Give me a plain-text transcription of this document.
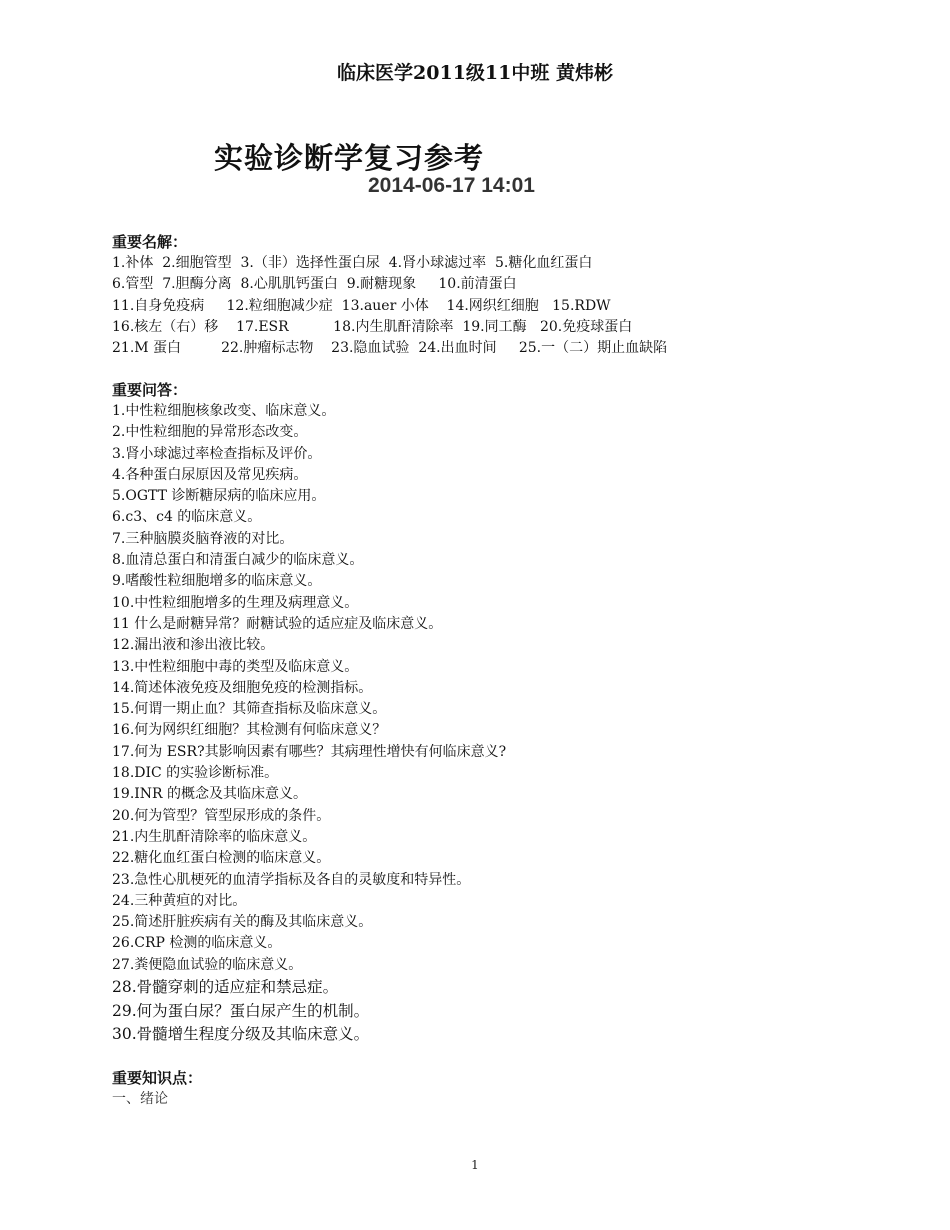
临床医学2011级11中班 黄炜彬
实验诊断学复习参考
2014-06-17 14:01
重要名解：
1.补体  2.细胞管型  3.（非）选择性蛋白尿  4.肾小球滤过率  5.糖化血红蛋白
6.管型  7.胆酶分离  8.心肌肌钙蛋白  9.耐糖现象     10.前清蛋白
11.自身免疫病     12.粒细胞减少症  13.auer 小体    14.网织红细胞   15.RDW
16.核左（右）移    17.ESR          18.内生肌酐清除率  19.同工酶   20.免疫球蛋白
21.M 蛋白         22.肿瘤标志物    23.隐血试验  24.出血时间     25.一（二）期止血缺陷
重要问答：
1.中性粒细胞核象改变、临床意义。
2.中性粒细胞的异常形态改变。
3.肾小球滤过率检查指标及评价。
4.各种蛋白尿原因及常见疾病。
5.OGTT 诊断糖尿病的临床应用。
6.c3、c4 的临床意义。
7.三种脑膜炎脑脊液的对比。
8.血清总蛋白和清蛋白减少的临床意义。
9.嗜酸性粒细胞增多的临床意义。
10.中性粒细胞增多的生理及病理意义。
11 什么是耐糖异常？耐糖试验的适应症及临床意义。
12.漏出液和渗出液比较。
13.中性粒细胞中毒的类型及临床意义。
14.简述体液免疫及细胞免疫的检测指标。
15.何谓一期止血？其筛查指标及临床意义。
16.何为网织红细胞？其检测有何临床意义？
17.何为 ESR?其影响因素有哪些？其病理性增快有何临床意义?
18.DIC 的实验诊断标准。
19.INR 的概念及其临床意义。
20.何为管型？管型尿形成的条件。
21.内生肌酐清除率的临床意义。
22.糖化血红蛋白检测的临床意义。
23.急性心肌梗死的血清学指标及各自的灵敏度和特异性。
24.三种黄疸的对比。
25.简述肝脏疾病有关的酶及其临床意义。
26.CRP 检测的临床意义。
27.粪便隐血试验的临床意义。
28.骨髓穿刺的适应症和禁忌症。
29.何为蛋白尿？蛋白尿产生的机制。
30.骨髓增生程度分级及其临床意义。
重要知识点：
一、绪论
1
